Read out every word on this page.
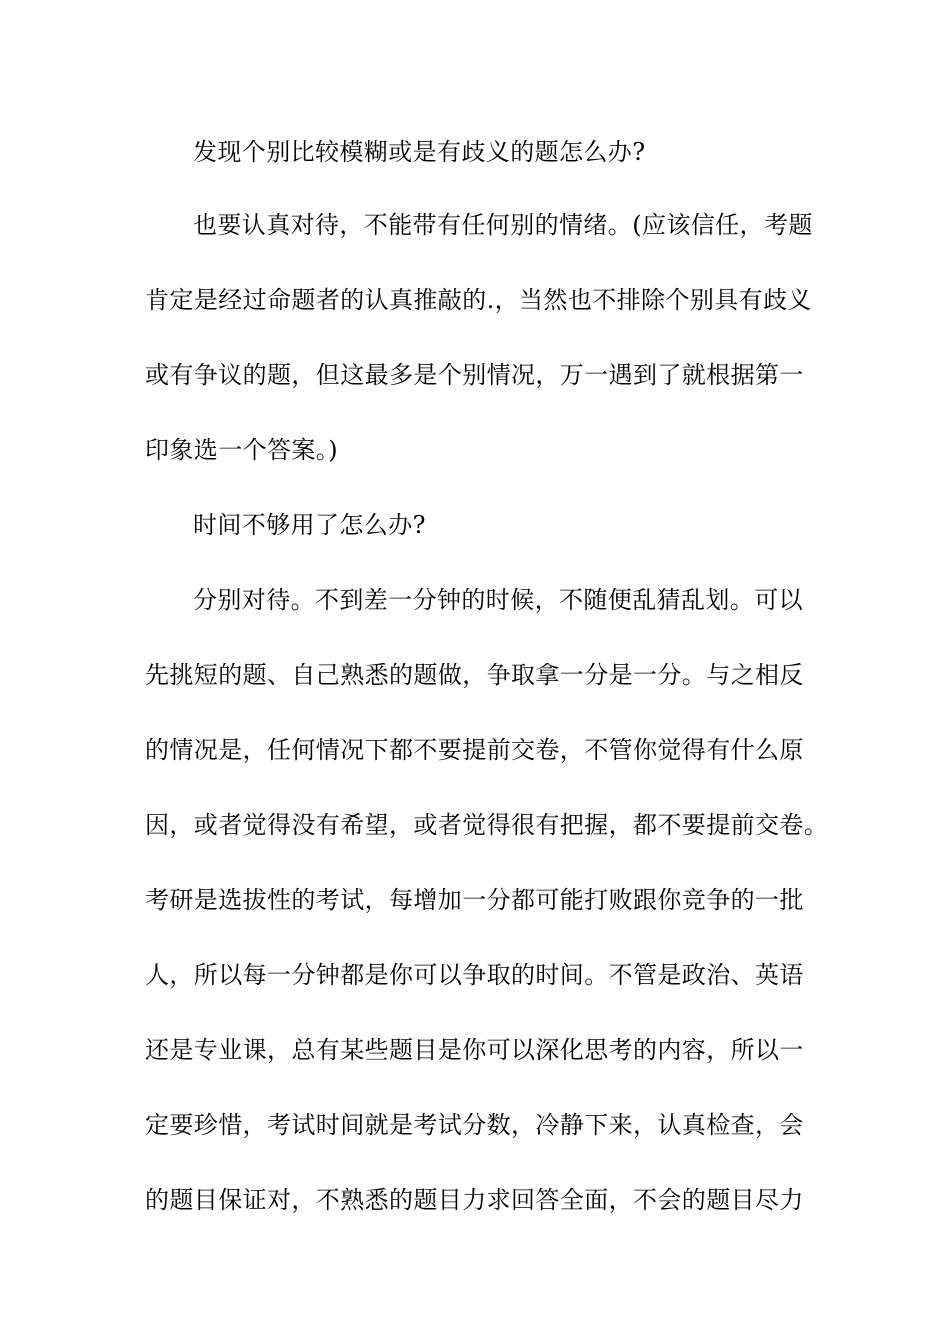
发现个别比较模糊或是有歧义的题怎么办?

也要认真对待，不能带有任何别的情绪。(应该信任，考题

肯定是经过命题者的认真推敲的.，当然也不排除个别具有歧义

或有争议的题，但这最多是个别情况，万一遇到了就根据第一

印象选一个答案。)

时间不够用了怎么办?

分别对待。不到差一分钟的时候，不随便乱猜乱划。可以

先挑短的题、自己熟悉的题做，争取拿一分是一分。与之相反

的情况是，任何情况下都不要提前交卷，不管你觉得有什么原

因，或者觉得没有希望，或者觉得很有把握，都不要提前交卷。

考研是选拔性的考试，每增加一分都可能打败跟你竞争的一批

人，所以每一分钟都是你可以争取的时间。不管是政治、英语

还是专业课，总有某些题目是你可以深化思考的内容，所以一

定要珍惜，考试时间就是考试分数，冷静下来，认真检查，会

的题目保证对，不熟悉的题目力求回答全面，不会的题目尽力
